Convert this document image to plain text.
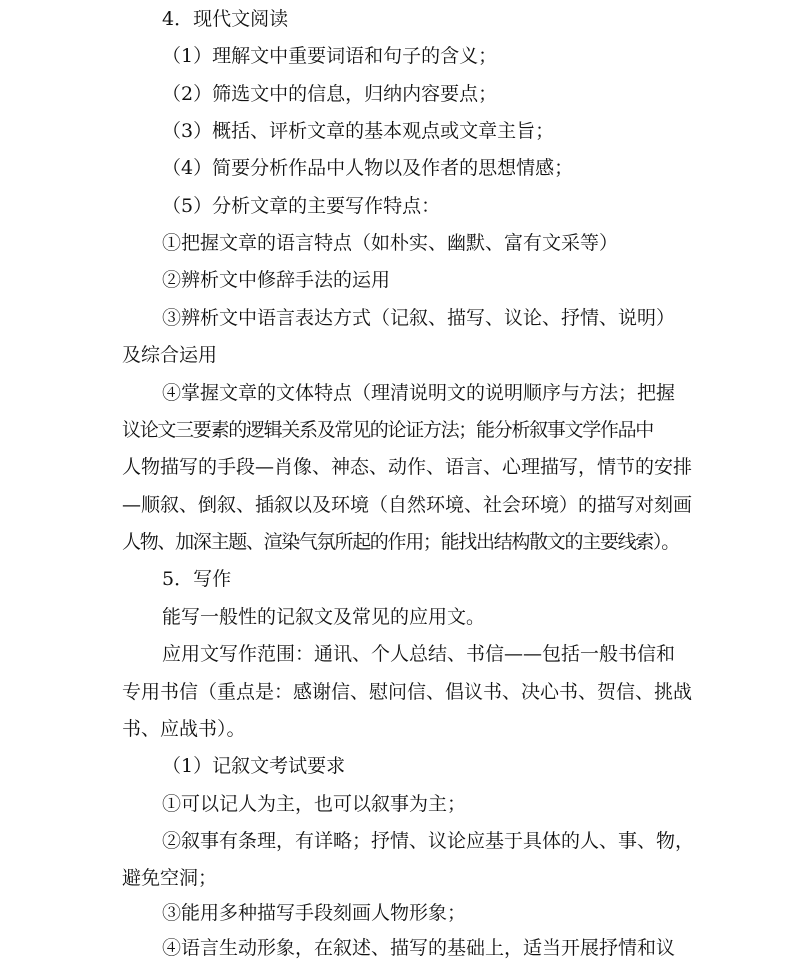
4．现代文阅读
（1）理解文中重要词语和句子的含义；
（2）筛选文中的信息，归纳内容要点；
（3）概括、评析文章的基本观点或文章主旨；
（4）简要分析作品中人物以及作者的思想情感；
（5）分析文章的主要写作特点：
①把握文章的语言特点（如朴实、幽默、富有文采等）
②辨析文中修辞手法的运用
③辨析文中语言表达方式（记叙、描写、议论、抒情、说明）
及综合运用
④掌握文章的文体特点（理清说明文的说明顺序与方法；把握
议论文三要素的逻辑关系及常见的论证方法；能分析叙事文学作品中
人物描写的手段—肖像、神态、动作、语言、心理描写，情节的安排
—顺叙、倒叙、插叙以及环境（自然环境、社会环境）的描写对刻画
人物、加深主题、渲染气氛所起的作用；能找出结构散文的主要线索）。
5．写作
能写一般性的记叙文及常见的应用文。
应用文写作范围：通讯、个人总结、书信——包括一般书信和
专用书信（重点是：感谢信、慰问信、倡议书、决心书、贺信、挑战
书、应战书）。
（1）记叙文考试要求
①可以记人为主，也可以叙事为主；
②叙事有条理，有详略；抒情、议论应基于具体的人、事、物，
避免空洞；
③能用多种描写手段刻画人物形象；
④语言生动形象，在叙述、描写的基础上，适当开展抒情和议
